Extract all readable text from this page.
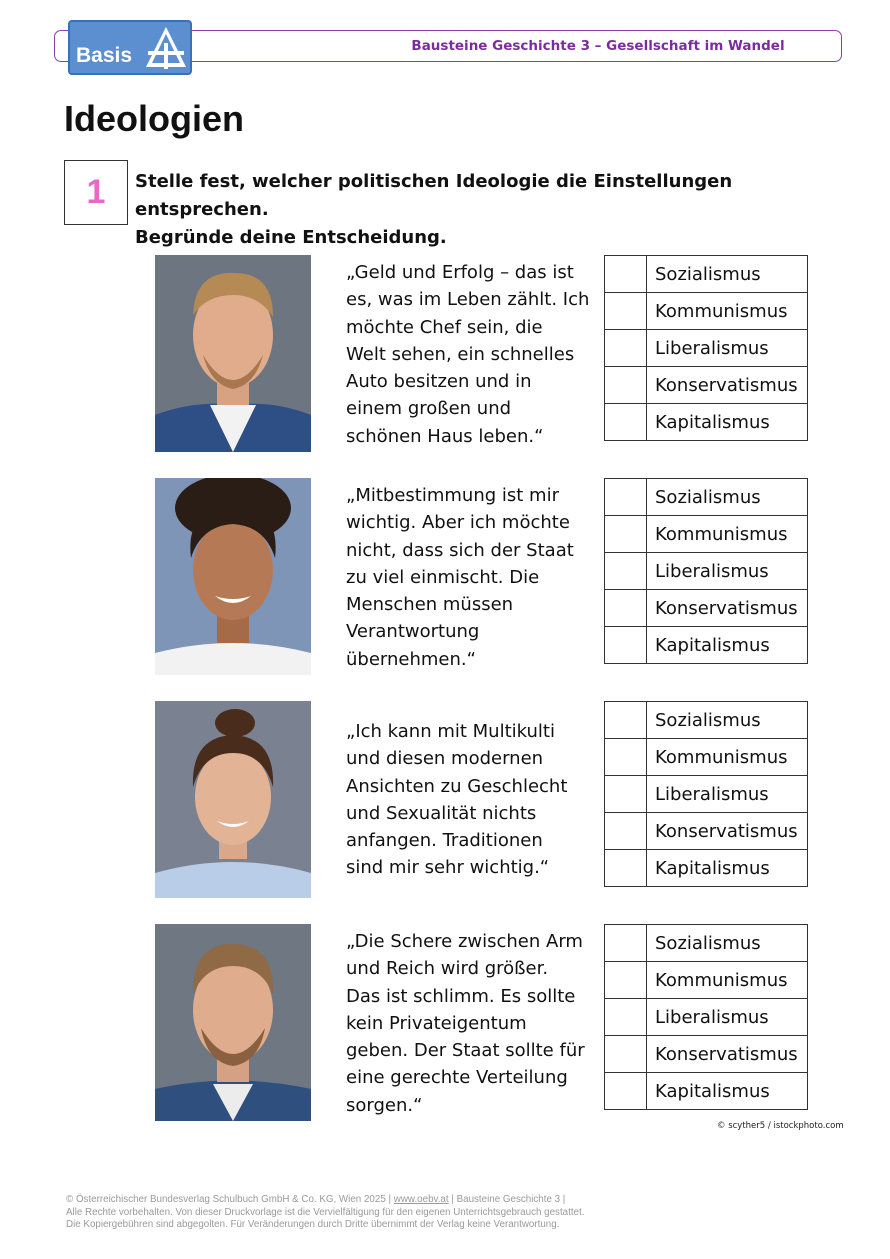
Bausteine Geschichte 3 – Gesellschaft im Wandel
Basis
Ideologien
1	Stelle fest, welcher politischen Ideologie die Einstellungen entsprechen.
Begründe deine Entscheidung.
„Geld und Erfolg – das ist
es, was im Leben zählt. Ich
möchte Chef sein, die
Welt sehen, ein schnelles
Auto besitzen und in
einem großen und
schönen Haus leben.“
	Sozialismus
	Kommunismus
	Liberalismus
	Konservatismus
	Kapitalismus
„Mitbestimmung ist mir
wichtig. Aber ich möchte
nicht, dass sich der Staat
zu viel einmischt. Die
Menschen müssen
Verantwortung
übernehmen.“
	Sozialismus
	Kommunismus
	Liberalismus
	Konservatismus
	Kapitalismus
„Ich kann mit Multikulti
und diesen modernen
Ansichten zu Geschlecht
und Sexualität nichts
anfangen. Traditionen
sind mir sehr wichtig.“
	Sozialismus
	Kommunismus
	Liberalismus
	Konservatismus
	Kapitalismus
„Die Schere zwischen Arm
und Reich wird größer.
Das ist schlimm. Es sollte
kein Privateigentum
geben. Der Staat sollte für
eine gerechte Verteilung
sorgen.“
	Sozialismus
	Kommunismus
	Liberalismus
	Konservatismus
	Kapitalismus
© scyther5 / istockphoto.com
© Österreichischer Bundesverlag Schulbuch GmbH & Co. KG, Wien 2025 | www.oebv.at | Bausteine Geschichte 3 |
Alle Rechte vorbehalten. Von dieser Druckvorlage ist die Vervielfältigung für den eigenen Unterrichtsgebrauch gestattet.
Die Kopiergebühren sind abgegolten. Für Veränderungen durch Dritte übernimmt der Verlag keine Verantwortung.
